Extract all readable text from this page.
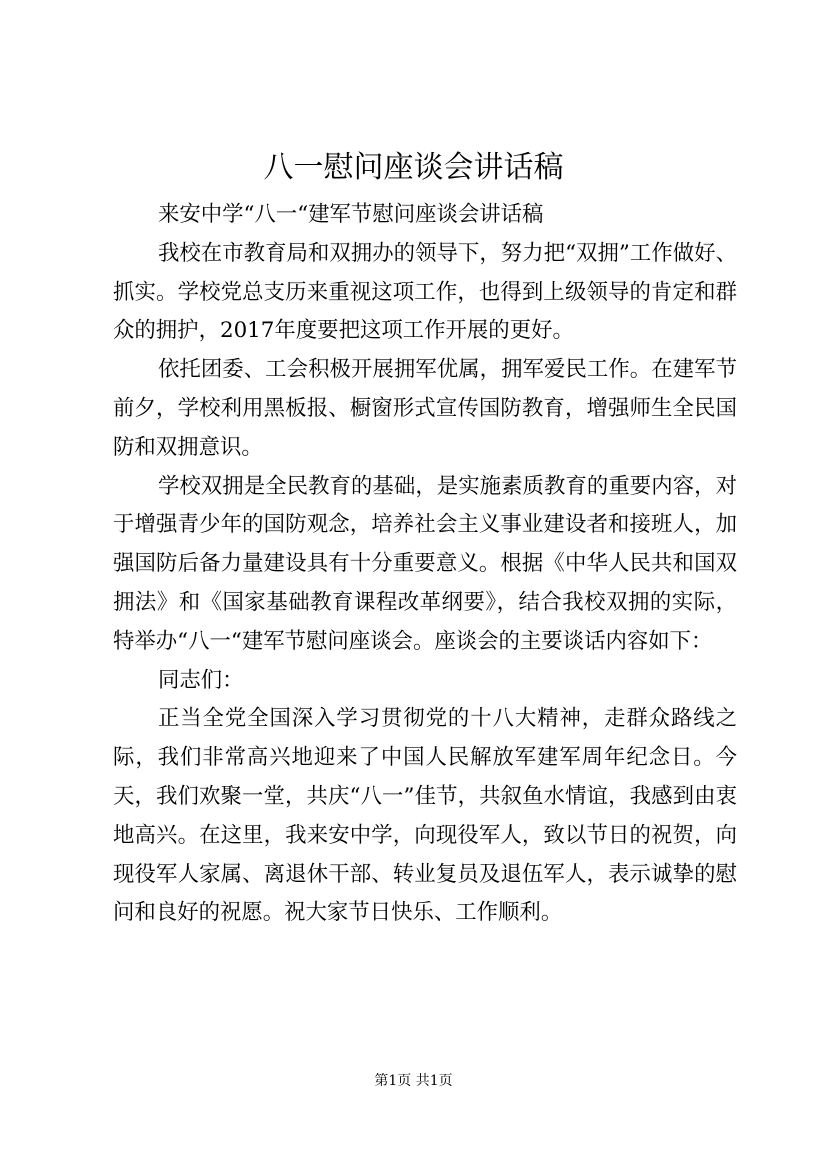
八一慰问座谈会讲话稿

来安中学“八一“建军节慰问座谈会讲话稿

我校在市教育局和双拥办的领导下，努力把“双拥”工作做好、抓实。学校党总支历来重视这项工作，也得到上级领导的肯定和群众的拥护，2017年度要把这项工作开展的更好。

依托团委、工会积极开展拥军优属，拥军爱民工作。在建军节前夕，学校利用黑板报、橱窗形式宣传国防教育，增强师生全民国防和双拥意识。

学校双拥是全民教育的基础，是实施素质教育的重要内容，对于增强青少年的国防观念，培养社会主义事业建设者和接班人，加强国防后备力量建设具有十分重要意义。根据《中华人民共和国双拥法》和《国家基础教育课程改革纲要》，结合我校双拥的实际，特举办“八一“建军节慰问座谈会。座谈会的主要谈话内容如下：

同志们：

正当全党全国深入学习贯彻党的十八大精神，走群众路线之际，我们非常高兴地迎来了中国人民解放军建军周年纪念日。今天，我们欢聚一堂，共庆“八一”佳节，共叙鱼水情谊，我感到由衷地高兴。在这里，我来安中学，向现役军人，致以节日的祝贺，向现役军人家属、离退休干部、转业复员及退伍军人，表示诚挚的慰问和良好的祝愿。祝大家节日快乐、工作顺利。

第1页 共1页
